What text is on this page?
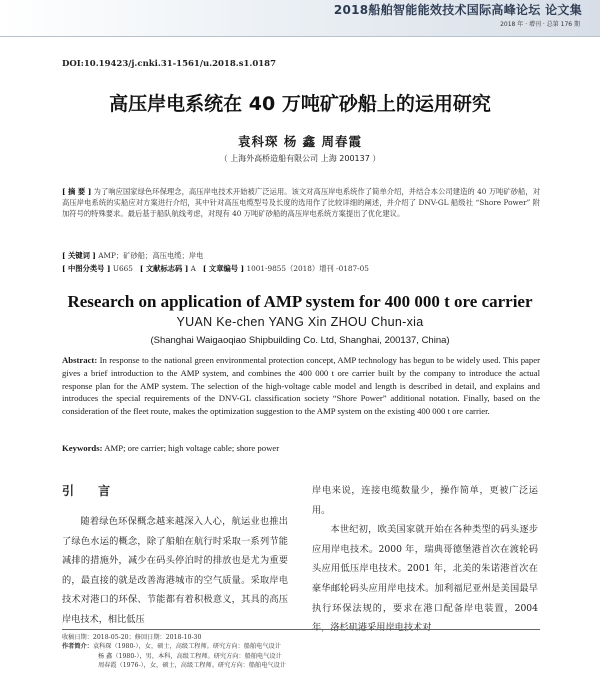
2018船舶智能能效技术国际高峰论坛 论文集
2018 年 · 增刊 · 总第 176 期
DOI:10.19423/j.cnki.31-1561/u.2018.s1.0187
高压岸电系统在 40 万吨矿砂船上的运用研究
袁科琛 杨 鑫 周春霞
（ 上海外高桥造船有限公司 上海 200137 ）
[ 摘 要 ] 为了响应国家绿色环保理念，高压岸电技术开始被广泛运用。该文对高压岸电系统作了简单介绍，并结合本公司建造的 40 万吨矿砂船，对高压岸电系统的实船应对方案进行介绍，其中针对高压电缆型号及长度的选用作了比较详细的阐述，并介绍了 DNV-GL 船级社 “Shore Power” 附加符号的特殊要求。最后基于船队航线考虑，对现有 40 万吨矿砂船的高压岸电系统方案提出了优化建议。
[ 关键词 ] AMP；矿砂船；高压电缆；岸电
[ 中图分类号 ] U665 [ 文献标志码 ] A [ 文章编号 ] 1001-9855（2018）增刊 -0187-05
Research on application of AMP system for 400 000 t ore carrier
YUAN Ke-chen YANG Xin ZHOU Chun-xia
(Shanghai Waigaoqiao Shipbuilding Co. Ltd, Shanghai, 200137, China)
Abstract: In response to the national green environmental protection concept, AMP technology has begun to be widely used. This paper gives a brief introduction to the AMP system, and combines the 400 000 t ore carrier built by the company to introduce the actual response plan for the AMP system. The selection of the high-voltage cable model and length is described in detail, and explains and introduces the special requirements of the DNV-GL classification society “Shore Power” additional notation. Finally, based on the consideration of the fleet route, makes the optimization suggestion to the AMP system on the existing 400 000 t ore carrier.
Keywords: AMP; ore carrier; high voltage cable; shore power
引 言

随着绿色环保概念越来越深入人心，航运业也推出了绿色水运的概念，除了船舶在航行时采取一系列节能减排的措施外，减少在码头停泊时的排放也是尤为重要的，最直接的就是改善海港城市的空气质量。采取岸电技术对港口的环保、节能都有着积极意义，其具的高压岸电技术，相比低压

岸电来说，连接电缆数量少，操作简单，更被广泛运用。

本世纪初，欧美国家就开始在各种类型的码头逐步应用岸电技术。2000 年，瑞典哥德堡港首次在渡轮码头应用低压岸电技术。2001 年，北美的朱诺港首次在豪华邮轮码头应用岸电技术。加利福尼亚州是美国最早执行环保法规的，要求在港口配备岸电装置，2004 年，洛杉矶港采用岸电技术对

收稿日期：2018-05-20；修回日期：2018-10-30
作者简介：袁科琛（1980-），女，硕士，高级工程师。研究方向：船舶电气设计
杨 鑫（1980-），男，本科，高级工程师。研究方向：船舶电气设计
周春霞（1976-），女，硕士，高级工程师。研究方向：船舶电气设计
